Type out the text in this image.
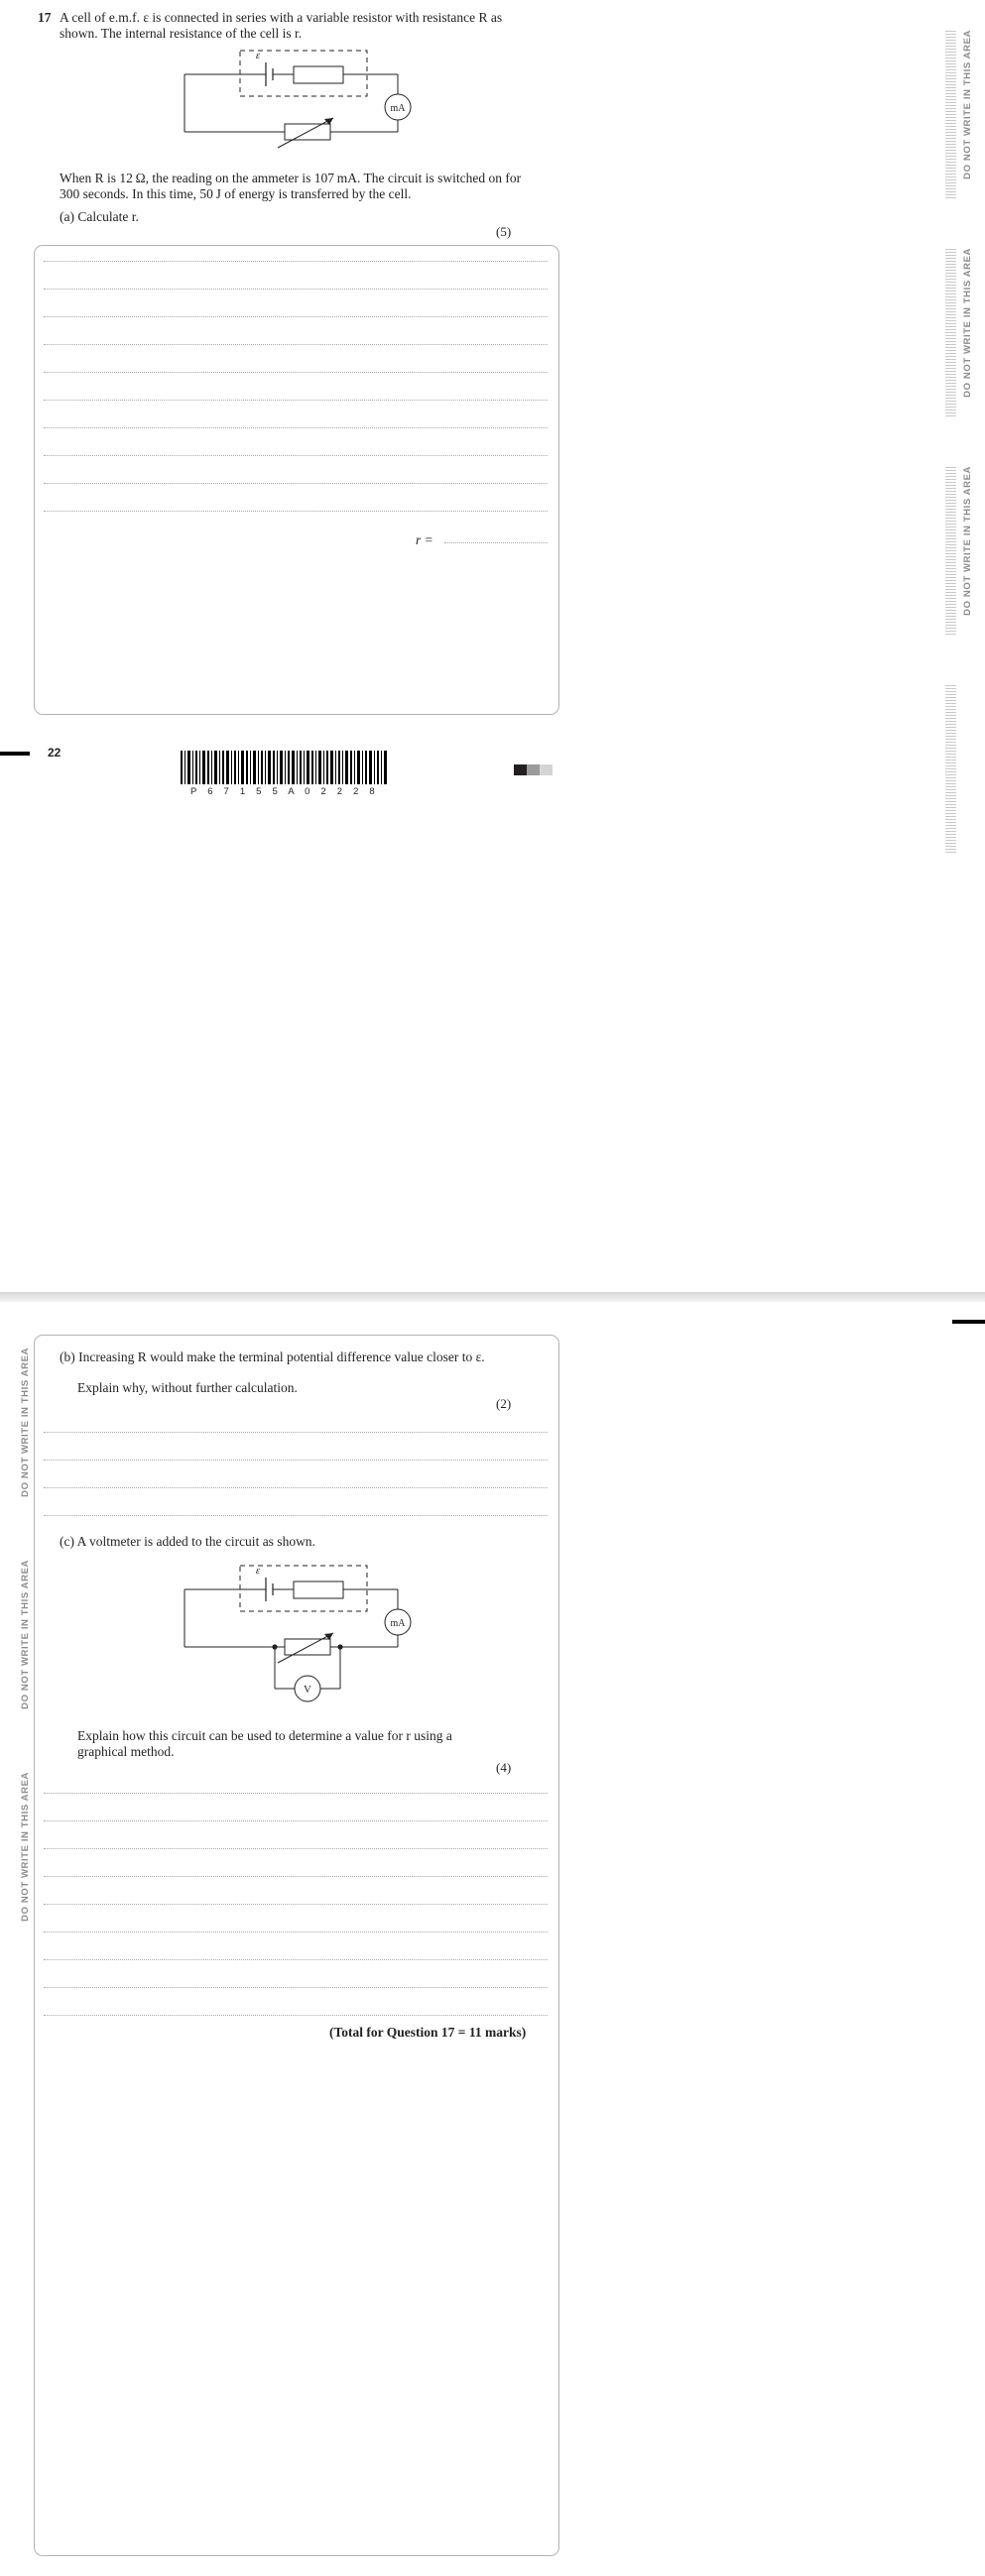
DO NOT WRITE IN THIS AREA
DO NOT WRITE IN THIS AREA
DO NOT WRITE IN THIS AREA
17 A cell of e.m.f. ε is connected in series with a variable resistor with resistance R as
shown. The internal resistance of the cell is r.
mA
ε
When R is 12 Ω, the reading on the ammeter is 107 mA. The circuit is switched on for
300 seconds. In this time, 50 J of energy is transferred by the cell.
(a) Calculate r.
(5)
r =
22
P 6 7 1 5 5 A 0 2 2 2 8
DO NOT WRITE IN THIS AREA
DO NOT WRITE IN THIS AREA
DO NOT WRITE IN THIS AREA
(b) Increasing R would make the terminal potential difference value closer to ε.
Explain why, without further calculation.
(2)
(c) A voltmeter is added to the circuit as shown.
mA
V
ε
Explain how this circuit can be used to determine a value for r using a
graphical method.
(4)
(Total for Question 17 = 11 marks)
